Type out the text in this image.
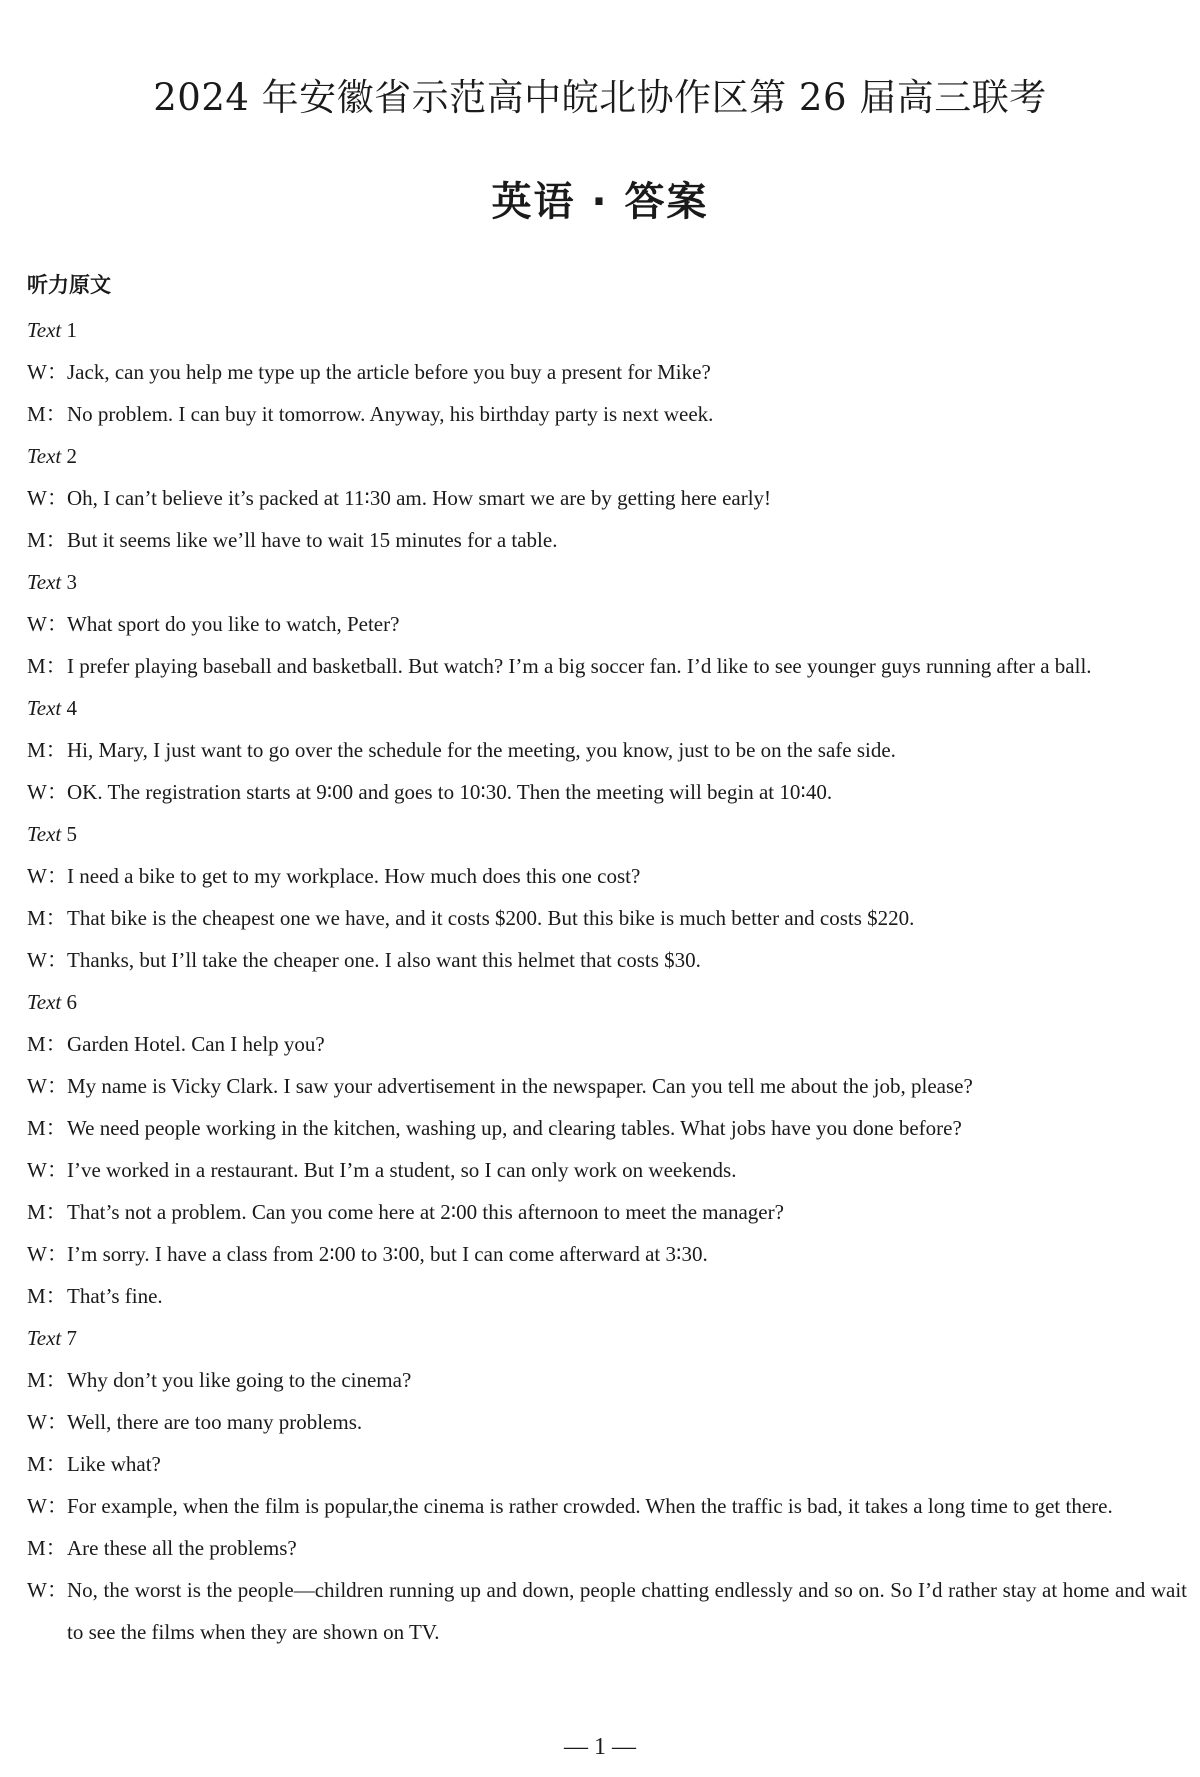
2024 年安徽省示范高中皖北协作区第 26 届高三联考
英语 · 答案
听力原文
Text 1
W：Jack, can you help me type up the article before you buy a present for Mike?
M：No problem. I can buy it tomorrow. Anyway, his birthday party is next week.
Text 2
W：Oh, I can’t believe it’s packed at 11∶30 am. How smart we are by getting here early!
M：But it seems like we’ll have to wait 15 minutes for a table.
Text 3
W：What sport do you like to watch, Peter?
M：I prefer playing baseball and basketball. But watch? I’m a big soccer fan. I’d like to see younger guys running after a ball.
Text 4
M：Hi, Mary, I just want to go over the schedule for the meeting, you know, just to be on the safe side.
W：OK. The registration starts at 9∶00 and goes to 10∶30. Then the meeting will begin at 10∶40.
Text 5
W：I need a bike to get to my workplace. How much does this one cost?
M：That bike is the cheapest one we have, and it costs $200. But this bike is much better and costs $220.
W：Thanks, but I’ll take the cheaper one. I also want this helmet that costs $30.
Text 6
M：Garden Hotel. Can I help you?
W：My name is Vicky Clark. I saw your advertisement in the newspaper. Can you tell me about the job, please?
M：We need people working in the kitchen, washing up, and clearing tables. What jobs have you done before?
W：I’ve worked in a restaurant. But I’m a student, so I can only work on weekends.
M：That’s not a problem. Can you come here at 2∶00 this afternoon to meet the manager?
W：I’m sorry. I have a class from 2∶00 to 3∶00, but I can come afterward at 3∶30.
M：That’s fine.
Text 7
M：Why don’t you like going to the cinema?
W：Well, there are too many problems.
M：Like what?
W：For example, when the film is popular,the cinema is rather crowded. When the traffic is bad, it takes a long time to get there.
M：Are these all the problems?
W：No, the worst is the people—children running up and down, people chatting endlessly and so on. So I’d rather stay at home and wait to see the films when they are shown on TV.
— 1 —
